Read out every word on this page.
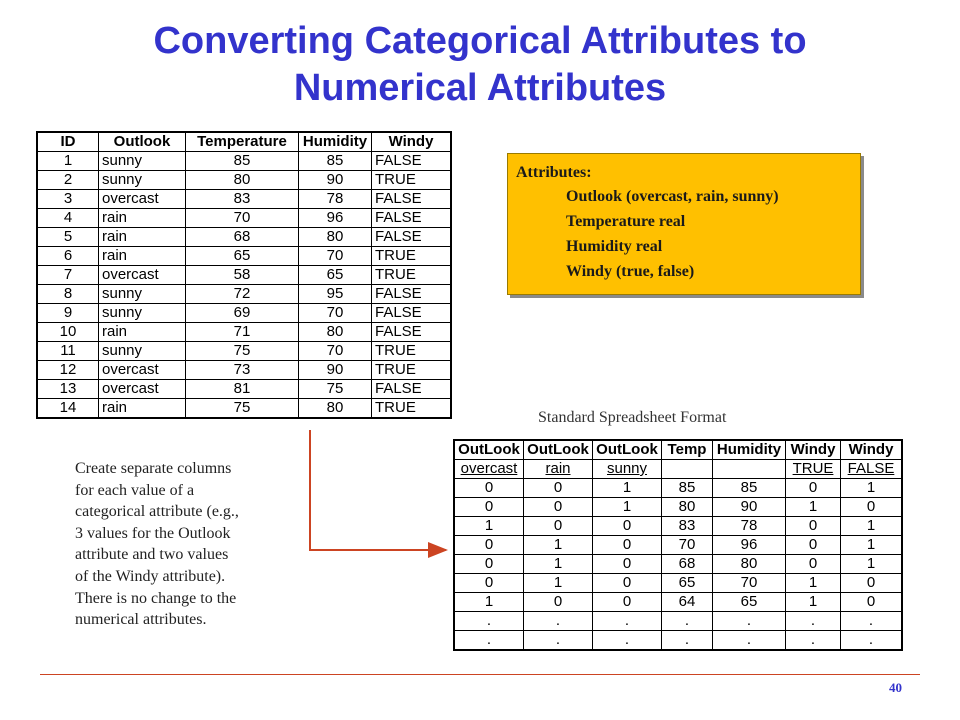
Converting Categorical Attributes to
Numerical Attributes
ID	Outlook	Temperature	Humidity	Windy
1	sunny	85	85	FALSE
2	sunny	80	90	TRUE
3	overcast	83	78	FALSE
4	rain	70	96	FALSE
5	rain	68	80	FALSE
6	rain	65	70	TRUE
7	overcast	58	65	TRUE
8	sunny	72	95	FALSE
9	sunny	69	70	FALSE
10	rain	71	80	FALSE
11	sunny	75	70	TRUE
12	overcast	73	90	TRUE
13	overcast	81	75	FALSE
14	rain	75	80	TRUE
Attributes:
Outlook (overcast, rain, sunny)
Temperature real
Humidity real
Windy (true, false)
Standard Spreadsheet Format
OutLook	OutLook	OutLook	Temp	Humidity	Windy	Windy
overcast	rain	sunny			TRUE	FALSE
0	0	1	85	85	0	1
0	0	1	80	90	1	0
1	0	0	83	78	0	1
0	1	0	70	96	0	1
0	1	0	68	80	0	1
0	1	0	65	70	1	0
1	0	0	64	65	1	0
.	.	.	.	.	.	.
.	.	.	.	.	.	.
Create separate columns
for each value of a
categorical attribute (e.g.,
3 values for the Outlook
attribute and two values
of the Windy attribute).
There is no change to the
numerical attributes.
40
